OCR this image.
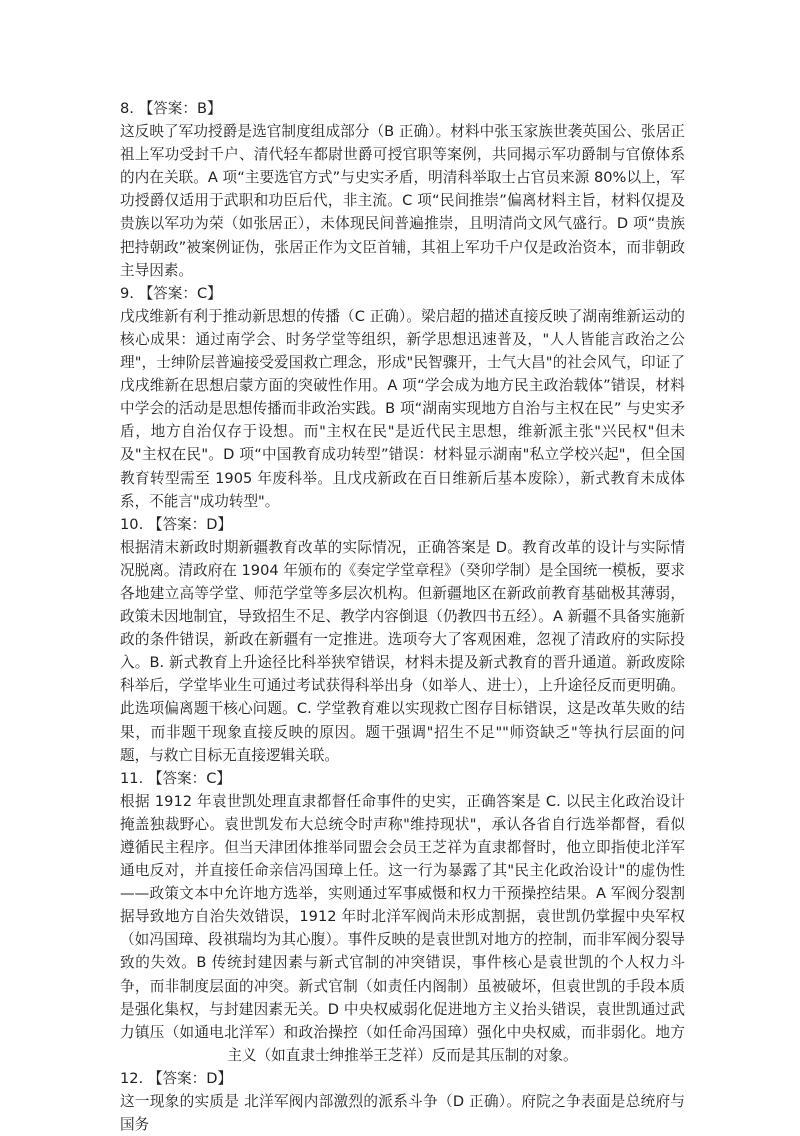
8. 【答案：B】

这反映了军功授爵是选官制度组成部分（B 正确）。材料中张玉家族世袭英国公、张居正祖上军功受封千户、清代轻车都尉世爵可授官职等案例，共同揭示军功爵制与官僚体系的内在关联。A 项“主要选官方式”与史实矛盾，明清科举取士占官员来源 80%以上，军功授爵仅适用于武职和功臣后代，非主流。C 项“民间推崇”偏离材料主旨，材料仅提及贵族以军功为荣（如张居正），未体现民间普遍推崇，且明清尚文风气盛行。D 项“贵族把持朝政”被案例证伪，张居正作为文臣首辅，其祖上军功千户仅是政治资本，而非朝政主导因素。

9. 【答案：C】

戊戌维新有利于推动新思想的传播（C 正确）。梁启超的描述直接反映了湖南维新运动的核心成果：通过南学会、时务学堂等组织，新学思想迅速普及，"人人皆能言政治之公理"，士绅阶层普遍接受爱国救亡理念，形成"民智骤开，士气大昌"的社会风气，印证了戊戌维新在思想启蒙方面的突破性作用。A 项“学会成为地方民主政治载体”错误，材料中学会的活动是思想传播而非政治实践。B 项“湖南实现地方自治与主权在民” 与史实矛盾，地方自治仅存于设想。而"主权在民"是近代民主思想，维新派主张"兴民权"但未及"主权在民"。D 项“中国教育成功转型”错误：材料显示湖南"私立学校兴起"，但全国教育转型需至 1905 年废科举。且戊戌新政在百日维新后基本废除），新式教育未成体系，不能言"成功转型"。

10. 【答案：D】

根据清末新政时期新疆教育改革的实际情况，正确答案是 D。教育改革的设计与实际情况脱离。清政府在 1904 年颁布的《奏定学堂章程》（癸卯学制）是全国统一模板，要求各地建立高等学堂、师范学堂等多层次机构。但新疆地区在新政前教育基础极其薄弱，政策未因地制宜，导致招生不足、教学内容倒退（仍教四书五经）。A 新疆不具备实施新政的条件错误，新政在新疆有一定推进。选项夸大了客观困难，忽视了清政府的实际投入。B. 新式教育上升途径比科举狭窄错误，材料未提及新式教育的晋升通道。新政废除科举后，学堂毕业生可通过考试获得科举出身（如举人、进士），上升途径反而更明确。此选项偏离题干核心问题。C. 学堂教育难以实现救亡图存目标错误，这是改革失败的结果，而非题干现象直接反映的原因。题干强调"招生不足""师资缺乏"等执行层面的问题，与救亡目标无直接逻辑关联。

11. 【答案：C】

根据 1912 年袁世凯处理直隶都督任命事件的史实，正确答案是 C. 以民主化政治设计掩盖独裁野心。袁世凯发布大总统令时声称"维持现状"，承认各省自行选举都督，看似遵循民主程序。但当天津团体推举同盟会会员王芝祥为直隶都督时，他立即指使北洋军通电反对，并直接任命亲信冯国璋上任。这一行为暴露了其"民主化政治设计"的虚伪性——政策文本中允许地方选举，实则通过军事威慑和权力干预操控结果。A 军阀分裂割据导致地方自治失效错误，1912 年时北洋军阀尚未形成割据，袁世凯仍掌握中央军权（如冯国璋、段祺瑞均为其心腹）。事件反映的是袁世凯对地方的控制，而非军阀分裂导致的失效。B 传统封建因素与新式官制的冲突错误，事件核心是袁世凯的个人权力斗争，而非制度层面的冲突。新式官制（如责任内阁制）虽被破坏，但袁世凯的手段本质是强化集权，与封建因素无关。D 中央权威弱化促进地方主义抬头错误，袁世凯通过武力镇压（如通电北洋军）和政治操控（如任命冯国璋）强化中央权威，而非弱化。地方主义（如直隶士绅推举王芝祥）反而是其压制的对象。

12. 【答案：D】

这一现象的实质是 北洋军阀内部激烈的派系斗争（D 正确）。府院之争表面是总统府与国务
